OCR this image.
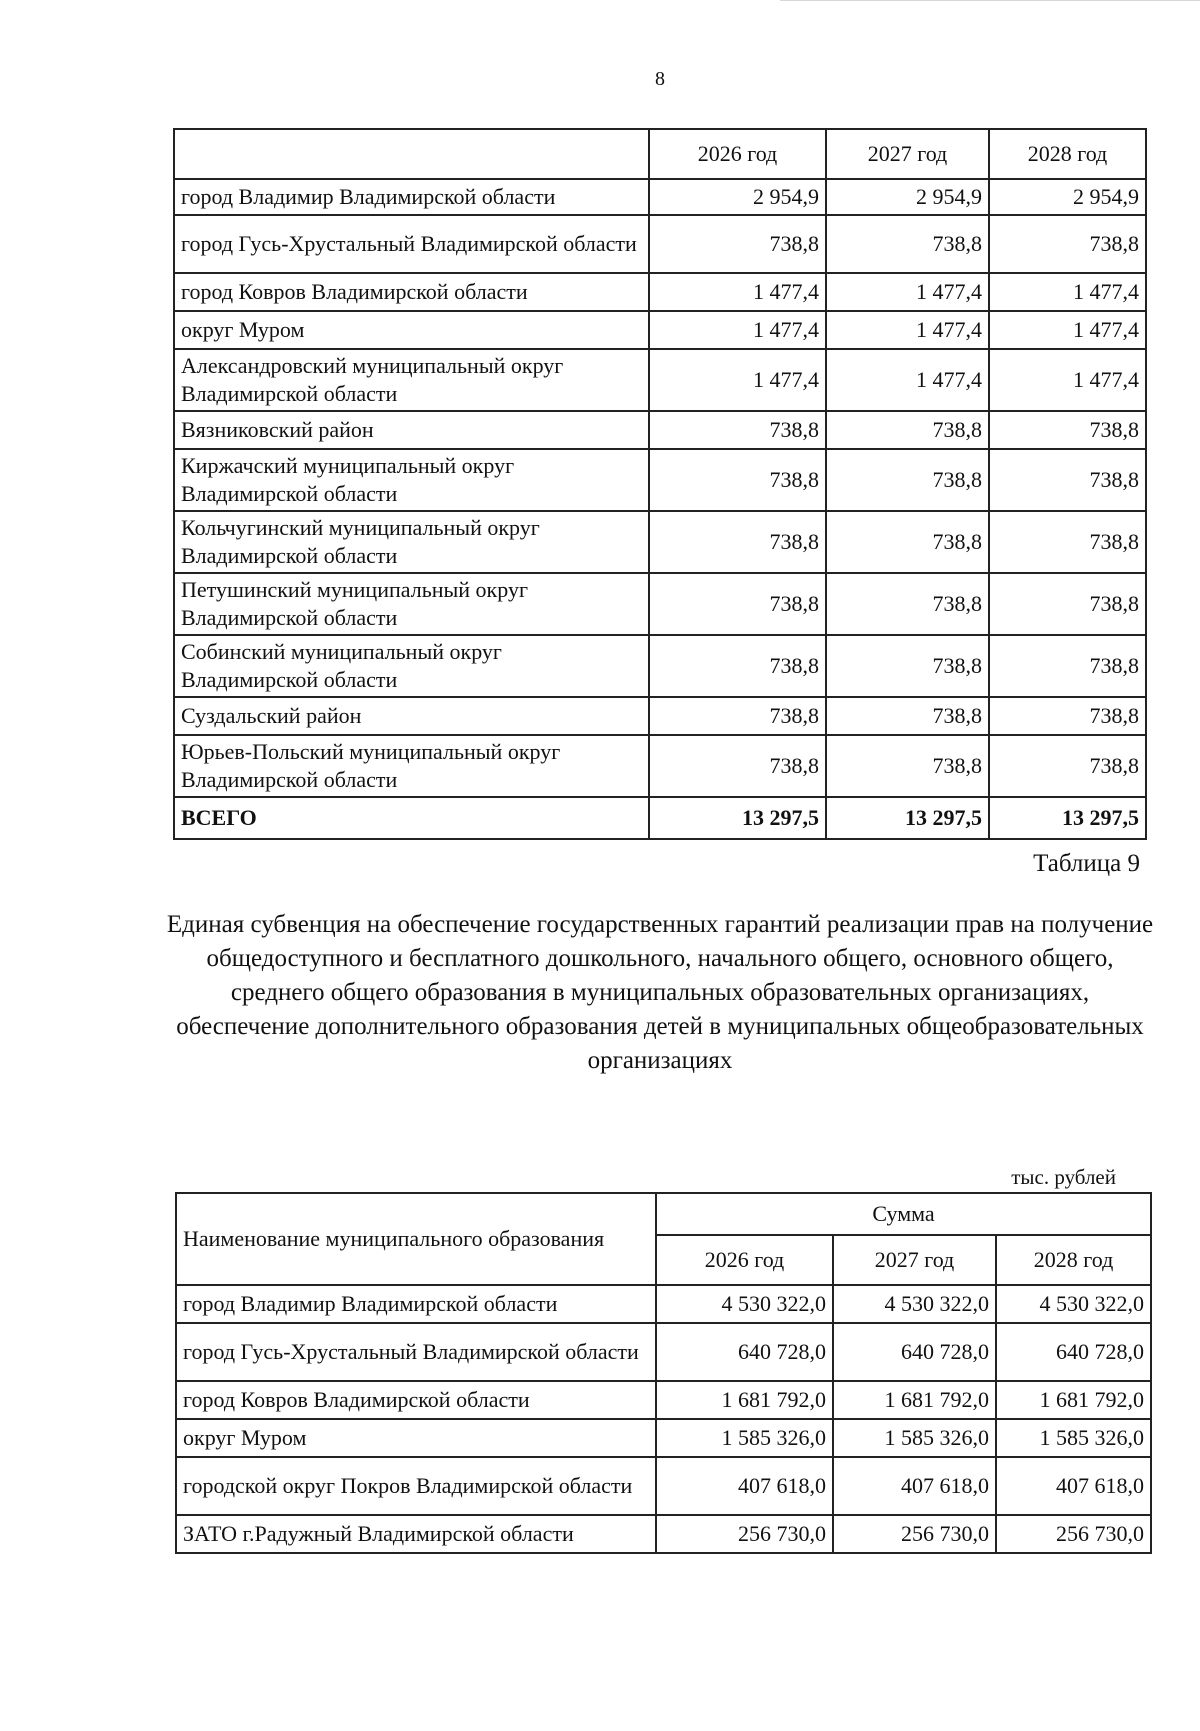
8
	2026 год	2027 год	2028 год
город Владимир Владимирской области	2 954,9	2 954,9	2 954,9
город Гусь-Хрустальный Владимирской области	738,8	738,8	738,8
город Ковров Владимирской области	1 477,4	1 477,4	1 477,4
округ Муром	1 477,4	1 477,4	1 477,4
Александровский муниципальный округ Владимирской области	1 477,4	1 477,4	1 477,4
Вязниковский район	738,8	738,8	738,8
Киржачский муниципальный округ Владимирской области	738,8	738,8	738,8
Кольчугинский муниципальный округ Владимирской области	738,8	738,8	738,8
Петушинский муниципальный округ Владимирской области	738,8	738,8	738,8
Собинский муниципальный округ Владимирской области	738,8	738,8	738,8
Суздальский район	738,8	738,8	738,8
Юрьев-Польский муниципальный округ Владимирской области	738,8	738,8	738,8
ВСЕГО	13 297,5	13 297,5	13 297,5
Таблица 9
Единая субвенция на обеспечение государственных гарантий реализации прав на получение общедоступного и бесплатного дошкольного, начального общего, основного общего, среднего общего образования в муниципальных образовательных организациях, обеспечение дополнительного образования детей в муниципальных общеобразовательных организациях
тыс. рублей
Наименование муниципального образования	Сумма		
	2026 год	2027 год	2028 год
город Владимир Владимирской области	4 530 322,0	4 530 322,0	4 530 322,0
город Гусь-Хрустальный Владимирской области	640 728,0	640 728,0	640 728,0
город Ковров Владимирской области	1 681 792,0	1 681 792,0	1 681 792,0
округ Муром	1 585 326,0	1 585 326,0	1 585 326,0
городской округ Покров Владимирской области	407 618,0	407 618,0	407 618,0
ЗАТО г.Радужный Владимирской области	256 730,0	256 730,0	256 730,0
